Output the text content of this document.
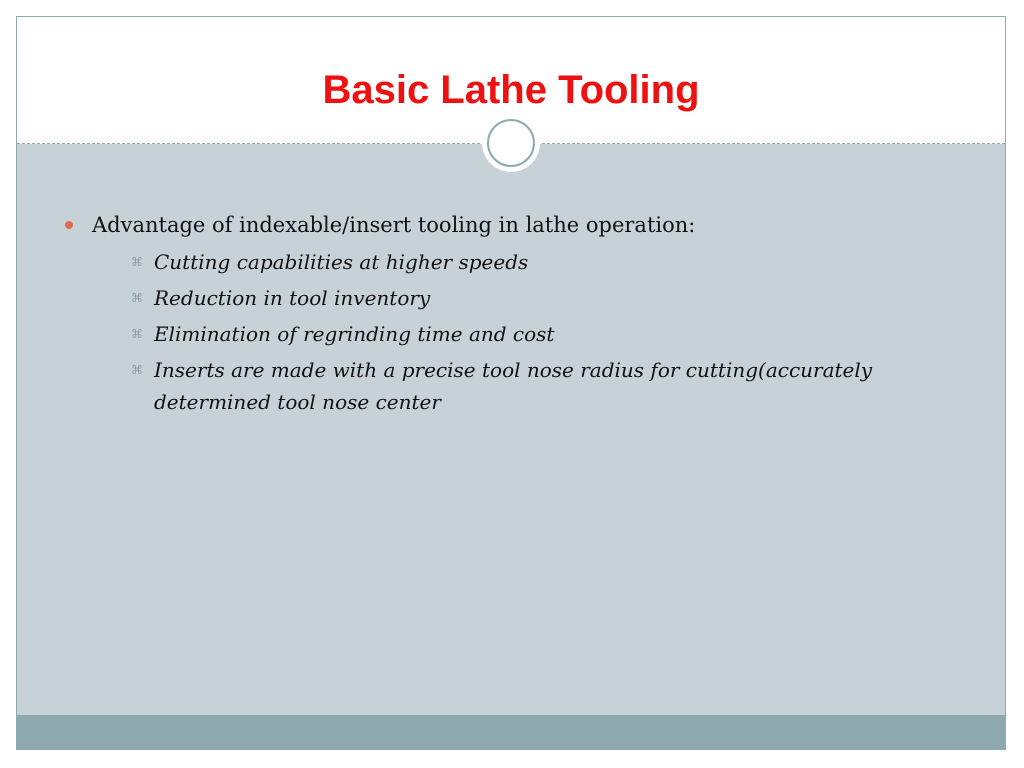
Basic Lathe Tooling
Advantage of indexable/insert tooling in lathe operation:
⌘ Cutting capabilities at higher speeds
⌘ Reduction in tool inventory
⌘ Elimination of regrinding time and cost
⌘ Inserts are made with a precise tool nose radius for cutting(accurately determined tool nose center
